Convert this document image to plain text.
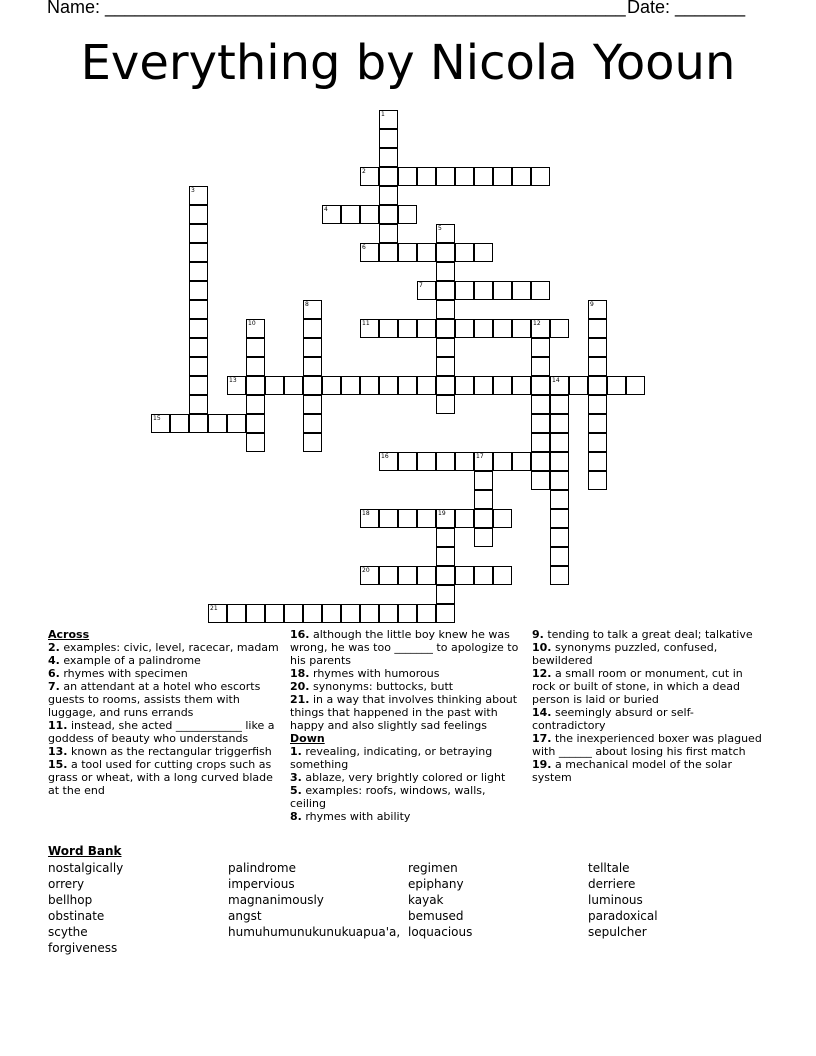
Name: ____________________________________________________ Date: _______
Everything by Nicola Yooun
1
2
3
4
5
6
7
8	9
10	11	12
13	14
15
16	17
18	19
20
21
Across
2. examples: civic, level, racecar, madam
4. example of a palindrome
6. rhymes with specimen
7. an attendant at a hotel who escorts guests to rooms, assists them with luggage, and runs errands
11. instead, she acted ____________ like a goddess of beauty who understands
13. known as the rectangular triggerfish
15. a tool used for cutting crops such as grass or wheat, with a long curved blade at the end
16. although the little boy knew he was wrong, he was too _______ to apologize to his parents
18. rhymes with humorous
20. synonyms: buttocks, butt
21. in a way that involves thinking about things that happened in the past with happy and also slightly sad feelings
Down
1. revealing, indicating, or betraying something
3. ablaze, very brightly colored or light
5. examples: roofs, windows, walls, ceiling
8. rhymes with ability
9. tending to talk a great deal; talkative
10. synonyms puzzled, confused, bewildered
12. a small room or monument, cut in rock or built of stone, in which a dead person is laid or buried
14. seemingly absurd or self-contradictory
17. the inexperienced boxer was plagued with ______ about losing his first match
19. a mechanical model of the solar system
Word Bank
nostalgically
orrery
bellhop
obstinate
scythe
forgiveness
palindrome
impervious
magnanimously
angst
humuhumunukunukuapua'a,
regimen
epiphany
kayak
bemused
loquacious
telltale
derriere
luminous
paradoxical
sepulcher
